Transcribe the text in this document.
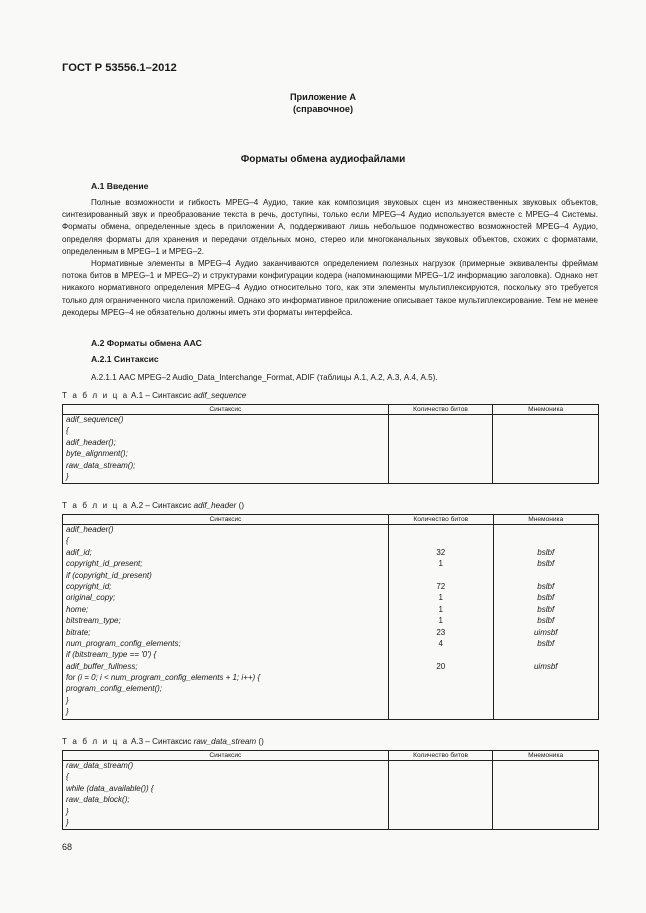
ГОСТ Р 53556.1–2012
Приложение А
(справочное)
Форматы обмена аудиофайлами
А.1 Введение

Полные возможности и гибкость MPEG–4 Аудио, такие как композиция звуковых сцен из множественных звуковых объектов, синтезированный звук и преобразование текста в речь, доступны, только если MPEG–4 Аудио используется вместе с MPEG–4 Системы. Форматы обмена, определенные здесь в приложении А, поддерживают лишь небольшое подмножество возможностей MPEG–4 Аудио, определяя форматы для хранения и передачи отдельных моно, стерео или многоканальных звуковых объектов, схожих с форматами, определенным в MPEG–1 и MPEG–2.

Нормативные элементы в MPEG–4 Аудио заканчиваются определением полезных нагрузок (примерные эквиваленты фреймам потока битов в MPEG–1 и MPEG–2) и структурами конфигурации кодера (напоминающими MPEG–1/2 информацию заголовка). Однако нет никакого нормативного определения MPEG–4 Аудио относительно того, как эти элементы мультиплексируются, поскольку это требуется только для ограниченного числа приложений. Однако это информативное приложение описывает такое мультиплексирование. Тем не менее декодеры MPEG–4 не обязательно должны иметь эти форматы интерфейса.

А.2 Форматы обмена ААС
А.2.1 Синтаксис
А.2.1.1 AAC MPEG–2 Audio_Data_Interchange_Format, ADIF (таблицы А.1, А.2, А.3, А.4, А.5).
Т а б л и ц а А.1 – Синтаксис adif_sequence
Синтаксис	Количество битов	Мнемоника
adif_sequence()		
{		
adif_header();		
byte_alignment();		
raw_data_stream();		
}		
Т а б л и ц а А.2 – Синтаксис adif_header ()
Синтаксис	Количество битов	Мнемоника
adif_header()		
{		
adif_id;	32	bslbf
copyright_id_present;	1	bslbf
if (copyright_id_present)		
copyright_id;	72	bslbf
original_copy;	1	bslbf
home;	1	bslbf
bitstream_type;	1	bslbf
bitrate;	23	uimsbf
num_program_config_elements;	4	bslbf
if (bitstream_type == '0') {		
adif_buffer_fullness;	20	uimsbf
for (i = 0; i < num_program_config_elements + 1; i++) {		
program_config_element();		
}		
}		
Т а б л и ц а А.3 – Синтаксис raw_data_stream ()
Синтаксис	Количество битов	Мнемоника
raw_data_stream()		
{		
while (data_available()) {		
raw_data_block();		
}		
}		
68
